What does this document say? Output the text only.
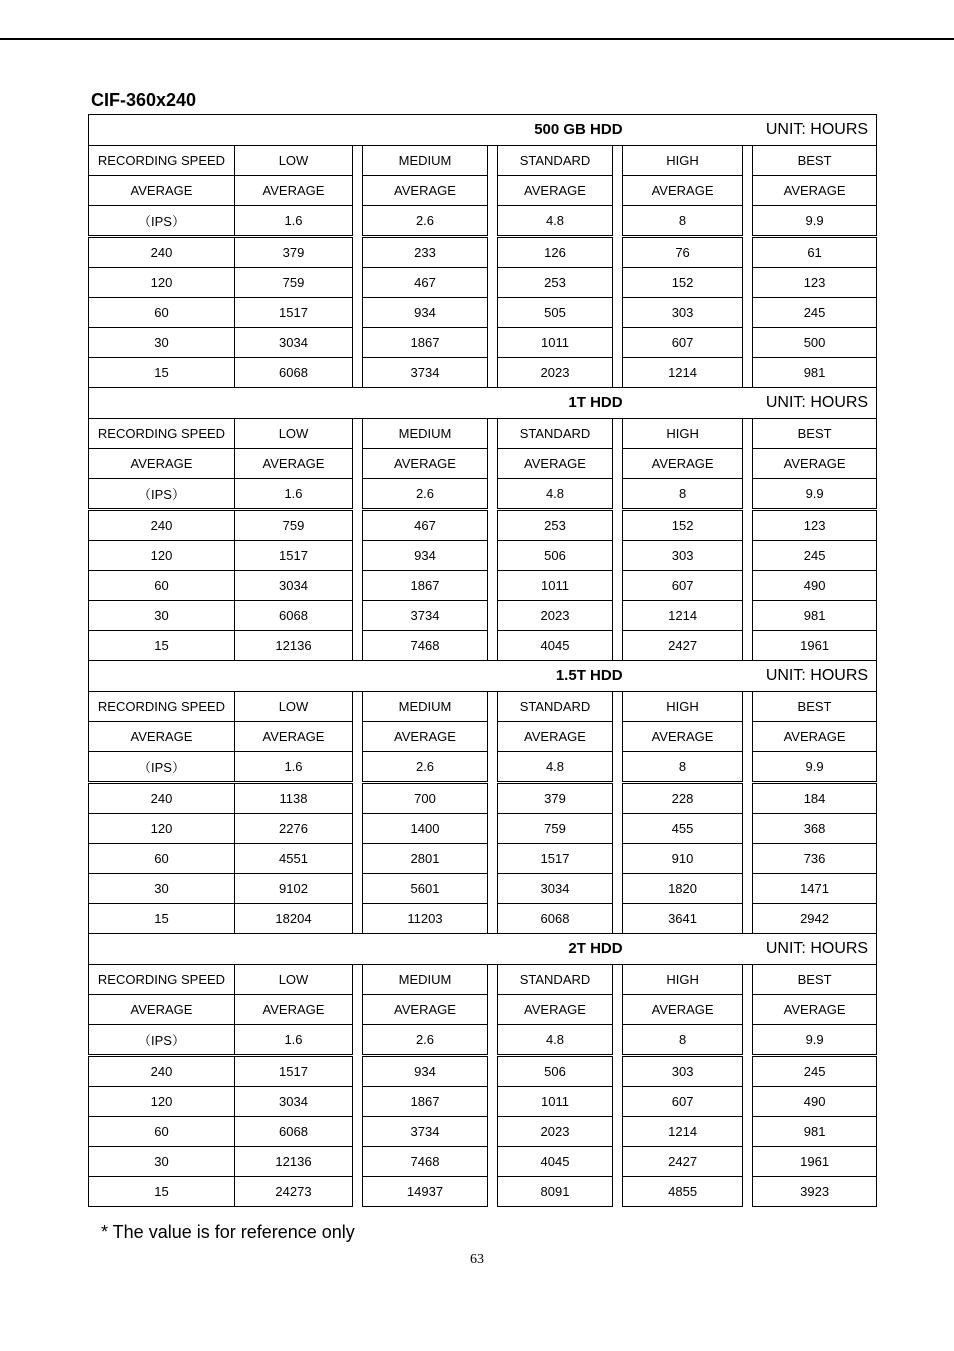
CIF-360x240
500 GB HDD							UNIT: HOURS		
RECORDING SPEED	LOW		MEDIUM		STANDARD		HIGH		BEST
AVERAGE	AVERAGE		AVERAGE		AVERAGE		AVERAGE		AVERAGE
（IPS）	1.6		2.6		4.8		8		9.9
240	379		233		126		76		61
120	759		467		253		152		123
60	1517		934		505		303		245
30	3034		1867		1011		607		500
15	6068		3734		2023		1214		981
1T HDD							UNIT: HOURS		
RECORDING SPEED	LOW		MEDIUM		STANDARD		HIGH		BEST
AVERAGE	AVERAGE		AVERAGE		AVERAGE		AVERAGE		AVERAGE
（IPS）	1.6		2.6		4.8		8		9.9
240	759		467		253		152		123
120	1517		934		506		303		245
60	3034		1867		1011		607		490
30	6068		3734		2023		1214		981
15	12136		7468		4045		2427		1961
1.5T HDD							UNIT: HOURS		
RECORDING SPEED	LOW		MEDIUM		STANDARD		HIGH		BEST
AVERAGE	AVERAGE		AVERAGE		AVERAGE		AVERAGE		AVERAGE
（IPS）	1.6		2.6		4.8		8		9.9
240	1138		700		379		228		184
120	2276		1400		759		455		368
60	4551		2801		1517		910		736
30	9102		5601		3034		1820		1471
15	18204		11203		6068		3641		2942
2T HDD							UNIT: HOURS		
RECORDING SPEED	LOW		MEDIUM		STANDARD		HIGH		BEST
AVERAGE	AVERAGE		AVERAGE		AVERAGE		AVERAGE		AVERAGE
（IPS）	1.6		2.6		4.8		8		9.9
240	1517		934		506		303		245
120	3034		1867		1011		607		490
60	6068		3734		2023		1214		981
30	12136		7468		4045		2427		1961
15	24273		14937		8091		4855		3923
* The value is for reference only
63
